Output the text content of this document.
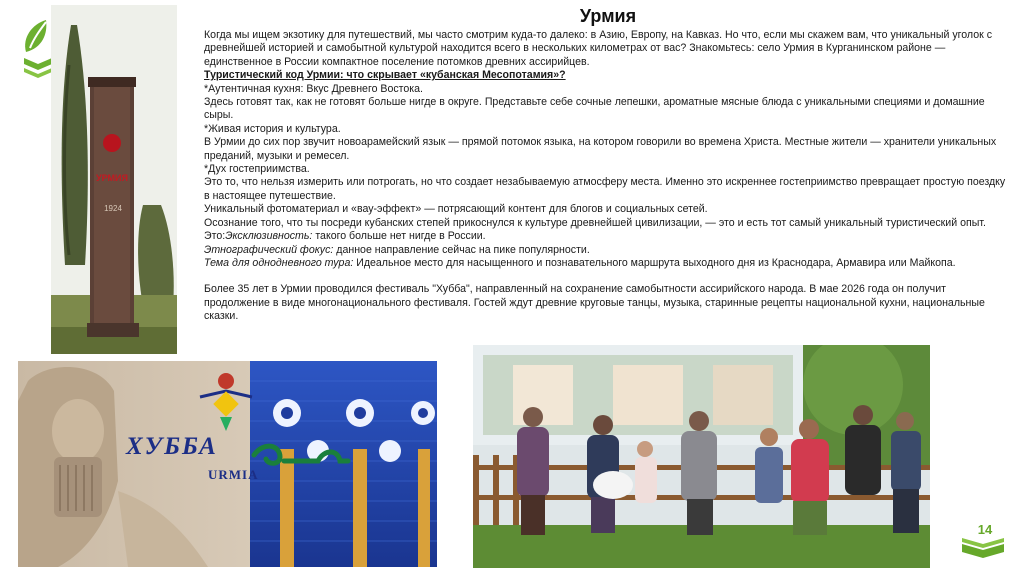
УРМИЯ
1924
Урмия

Когда мы ищем экзотику для путешествий, мы часто смотрим куда-то далеко: в Азию, Европу, на Кавказ. Но что, если мы скажем вам, что уникальный уголок с древнейшей историей и самобытной культурой находится всего в нескольких километрах от вас? Знакомьтесь: село Урмия в Курганинском районе — единственное в России компактное поселение потомков древних ассирийцев.

Туристический код Урмии: что скрывает «кубанская Месопотамия»?

*Аутентичная кухня: Вкус Древнего Востока.

Здесь готовят так, как не готовят больше нигде в округе. Представьте себе сочные лепешки, ароматные мясные блюда с уникальными специями и домашние сыры.

*Живая история и культура.

В Урмии до сих пор звучит новоарамейский язык — прямой потомок языка, на котором говорили во времена Христа. Местные жители — хранители уникальных преданий, музыки и ремесел.

*Дух гостеприимства.

Это то, что нельзя измерить или потрогать, но что создает незабываемую атмосферу места. Именно это искреннее гостеприимство превращает простую поездку в настоящее путешествие.

Уникальный фотоматериал и «вау-эффект» — потрясающий контент для блогов и социальных сетей.

Осознание того, что ты посреди кубанских степей прикоснулся к культуре древнейшей цивилизации, — это и есть тот самый уникальный туристический опыт.

Это:Эксклюзивность: такого больше нет нигде в России.

Этнографический фокус: данное направление сейчас на пике популярности.

Тема для однодневного тура: Идеальное место для насыщенного и познавательного маршрута выходного дня из Краснодара, Армавира или Майкопа.

Более 35 лет в Урмии проводился фестиваль "Хубба", направленный на сохранение самобытности ассирийского народа. В мае 2026 года он получит продолжение в виде многонационального фестиваля. Гостей ждут древние круговые танцы, музыка, старинные рецепты национальной кухни, национальные сказки.

ХУББА
URMIA
14
